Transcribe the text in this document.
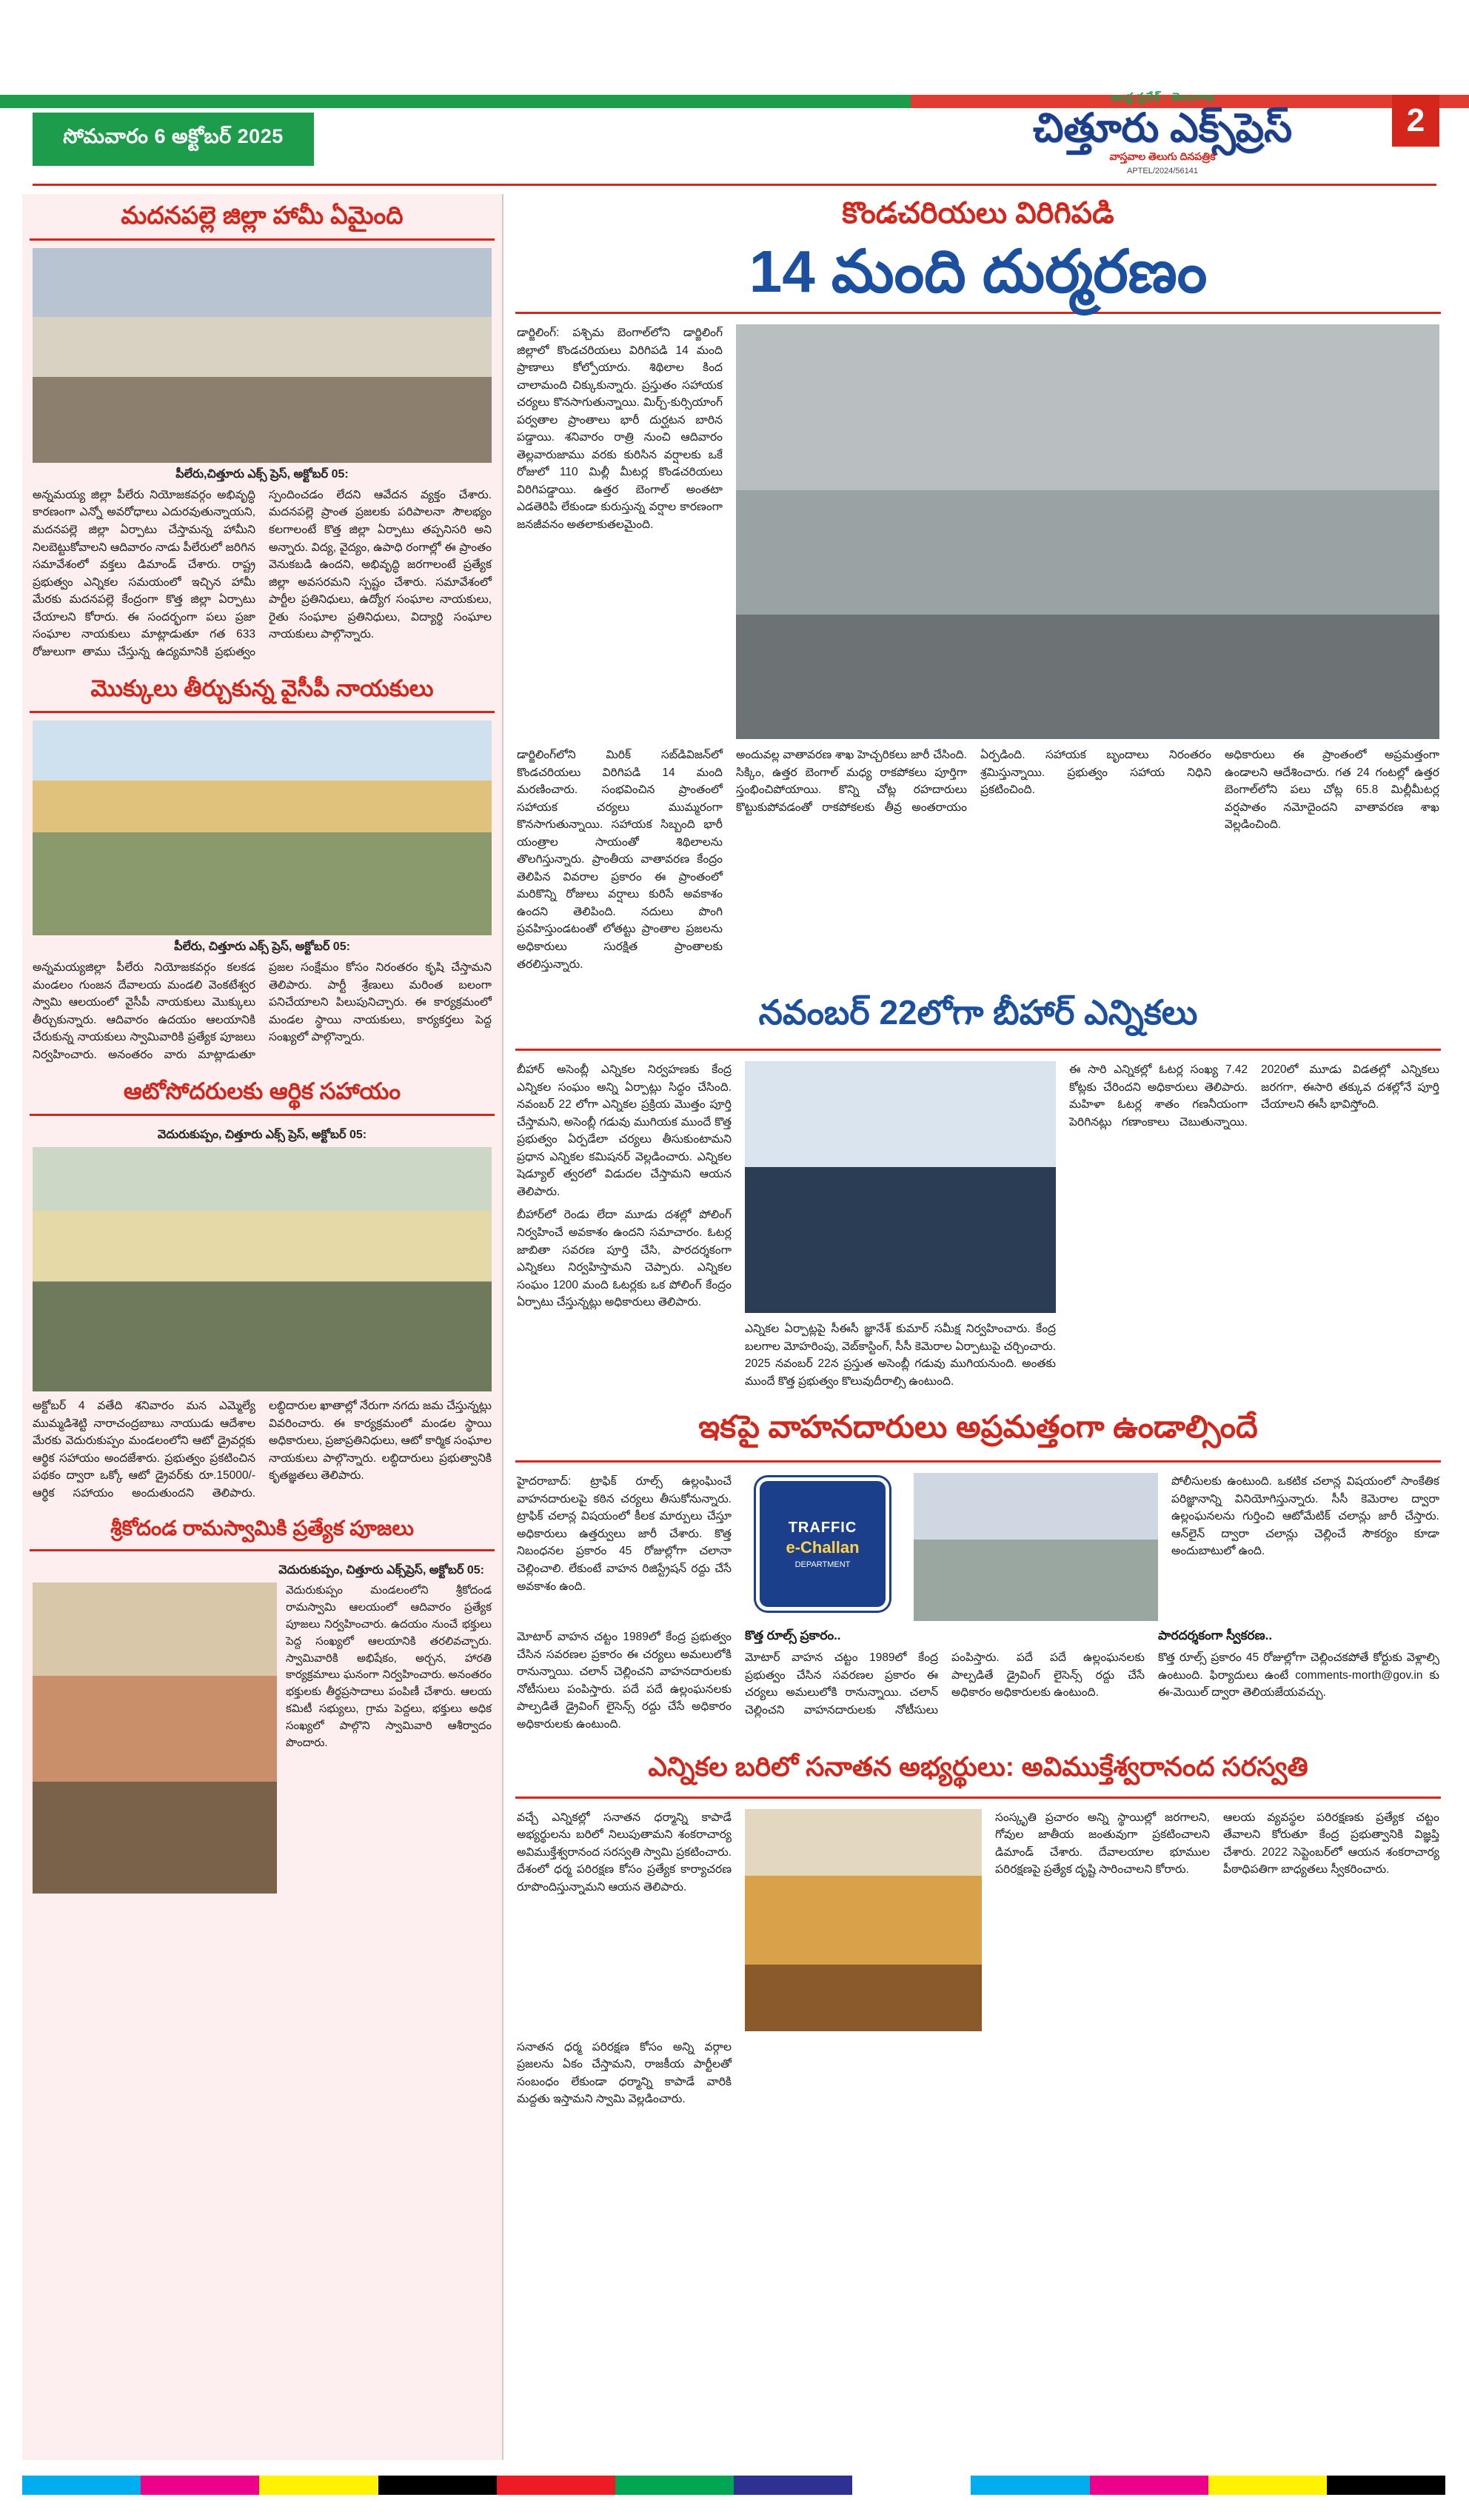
ఆంధ్ర ప్రదేశ్ - తెలంగాణ
చిత్తూరు ఎక్స్‌ప్రెస్
వాస్తవాల తెలుగు దినపత్రిక
APTEL/2024/56141
సోమవారం 6 అక్టోబర్ 2025	2
మదనపల్లె జిల్లా హామీ ఏమైంది
పీలేరు,చిత్తూరు ఎక్స్ ప్రెస్, అక్టోబర్ 05:
అన్నమయ్య జిల్లా పీలేరు నియోజకవర్గం అభివృద్ధి కారణంగా ఎన్నో అవరోధాలు ఎదురవుతున్నాయని, మదనపల్లె జిల్లా ఏర్పాటు చేస్తామన్న హామీని నిలబెట్టుకోవాలని ఆదివారం నాడు పీలేరులో జరిగిన సమావేశంలో వక్తలు డిమాండ్ చేశారు. రాష్ట్ర ప్రభుత్వం ఎన్నికల సమయంలో ఇచ్చిన హామీ మేరకు మదనపల్లె కేంద్రంగా కొత్త జిల్లా ఏర్పాటు చేయాలని కోరారు. ఈ సందర్భంగా పలు ప్రజా సంఘాల నాయకులు మాట్లాడుతూ గత 633 రోజులుగా తాము చేస్తున్న ఉద్యమానికి ప్రభుత్వం స్పందించడం లేదని ఆవేదన వ్యక్తం చేశారు. మదనపల్లె ప్రాంత ప్రజలకు పరిపాలనా సౌలభ్యం కలగాలంటే కొత్త జిల్లా ఏర్పాటు తప్పనిసరి అని అన్నారు. విద్య, వైద్యం, ఉపాధి రంగాల్లో ఈ ప్రాంతం వెనుకబడి ఉందని, అభివృద్ధి జరగాలంటే ప్రత్యేక జిల్లా అవసరమని స్పష్టం చేశారు. సమావేశంలో పార్టీల ప్రతినిధులు, ఉద్యోగ సంఘాల నాయకులు, రైతు సంఘాల ప్రతినిధులు, విద్యార్థి సంఘాల నాయకులు పాల్గొన్నారు.
మొక్కులు తీర్చుకున్న వైసీపీ నాయకులు
పీలేరు, చిత్తూరు ఎక్స్ ప్రెస్, అక్టోబర్ 05:
అన్నమయ్యజిల్లా పీలేరు నియోజకవర్గం కలకడ మండలం గుంజన దేవాలయ మండలి వెంకటేశ్వర స్వామి ఆలయంలో వైసీపీ నాయకులు మొక్కులు తీర్చుకున్నారు. ఆదివారం ఉదయం ఆలయానికి చేరుకున్న నాయకులు స్వామివారికి ప్రత్యేక పూజలు నిర్వహించారు. అనంతరం వారు మాట్లాడుతూ ప్రజల సంక్షేమం కోసం నిరంతరం కృషి చేస్తామని తెలిపారు. పార్టీ శ్రేణులు మరింత బలంగా పనిచేయాలని పిలుపునిచ్చారు. ఈ కార్యక్రమంలో మండల స్థాయి నాయకులు, కార్యకర్తలు పెద్ద సంఖ్యలో పాల్గొన్నారు.
ఆటోసోదరులకు ఆర్థిక సహాయం
వెదురుకుప్పం, చిత్తూరు ఎక్స్ ప్రెస్, అక్టోబర్ 05:
అక్టోబర్ 4 వతేది శనివారం మన ఎమ్మెల్యే ముమ్మడిశెట్టి నారాచంద్రబాబు నాయుడు ఆదేశాల మేరకు వెదురుకుప్పం మండలంలోని ఆటో డ్రైవర్లకు ఆర్థిక సహాయం అందజేశారు. ప్రభుత్వం ప్రకటించిన పథకం ద్వారా ఒక్కో ఆటో డ్రైవర్‌కు రూ.15000/- ఆర్థిక సహాయం అందుతుందని తెలిపారు. లబ్ధిదారుల ఖాతాల్లో నేరుగా నగదు జమ చేస్తున్నట్లు వివరించారు. ఈ కార్యక్రమంలో మండల స్థాయి అధికారులు, ప్రజాప్రతినిధులు, ఆటో కార్మిక సంఘాల నాయకులు పాల్గొన్నారు. లబ్ధిదారులు ప్రభుత్వానికి కృతజ్ఞతలు తెలిపారు.
శ్రీకోదండ రామస్వామికి ప్రత్యేక పూజలు
వెదురుకుప్పం, చిత్తూరు ఎక్స్‌ప్రెస్, అక్టోబర్ 05:
వెదురుకుప్పం మండలంలోని శ్రీకోదండ రామస్వామి ఆలయంలో ఆదివారం ప్రత్యేక పూజలు నిర్వహించారు. ఉదయం నుంచే భక్తులు పెద్ద సంఖ్యలో ఆలయానికి తరలివచ్చారు. స్వామివారికి అభిషేకం, అర్చన, హారతి కార్యక్రమాలు ఘనంగా నిర్వహించారు. అనంతరం భక్తులకు తీర్థప్రసాదాలు పంపిణీ చేశారు. ఆలయ కమిటీ సభ్యులు, గ్రామ పెద్దలు, భక్తులు అధిక సంఖ్యలో పాల్గొని స్వామివారి ఆశీర్వాదం పొందారు.
కొండచరియలు విరిగిపడి
14 మంది దుర్మరణం
డార్జిలింగ్: పశ్చిమ బెంగాల్‌లోని డార్జిలింగ్ జిల్లాలో కొండచరియలు విరిగిపడి 14 మంది ప్రాణాలు కోల్పోయారు. శిథిలాల కింద చాలామంది చిక్కుకున్నారు. ప్రస్తుతం సహాయక చర్యలు కొనసాగుతున్నాయి. మిర్చ్-కుర్సియాంగ్ పర్వతాల ప్రాంతాలు భారీ దుర్ఘటన బారిన పడ్డాయి. శనివారం రాత్రి నుంచి ఆదివారం తెల్లవారుజాము వరకు కురిసిన వర్షాలకు ఒకే రోజులో 110 మిల్లీ మీటర్ల కొండచరియలు విరిగిపడ్డాయి. ఉత్తర బెంగాల్ అంతటా ఎడతెరిపి లేకుండా కురుస్తున్న వర్షాల కారణంగా జనజీవనం అతలాకుతలమైంది.
డార్జిలింగ్‌లోని మిరిక్ సబ్‌డివిజన్‌లో కొండచరియలు విరిగిపడి 14 మంది మరణించారు. సంభవించిన ప్రాంతంలో సహాయక చర్యలు ముమ్మరంగా కొనసాగుతున్నాయి. సహాయక సిబ్బంది భారీ యంత్రాల సాయంతో శిథిలాలను తొలగిస్తున్నారు. ప్రాంతీయ వాతావరణ కేంద్రం తెలిపిన వివరాల ప్రకారం ఈ ప్రాంతంలో మరికొన్ని రోజులు వర్షాలు కురిసే అవకాశం ఉందని తెలిపింది. నదులు పొంగి ప్రవహిస్తుండటంతో లోతట్టు ప్రాంతాల ప్రజలను అధికారులు సురక్షిత ప్రాంతాలకు తరలిస్తున్నారు.
అందువల్ల వాతావరణ శాఖ హెచ్చరికలు జారీ చేసింది. సిక్కిం, ఉత్తర బెంగాల్ మధ్య రాకపోకలు పూర్తిగా స్తంభించిపోయాయి. కొన్ని చోట్ల రహదారులు కొట్టుకుపోవడంతో రాకపోకలకు తీవ్ర అంతరాయం ఏర్పడింది. సహాయక బృందాలు నిరంతరం శ్రమిస్తున్నాయి. ప్రభుత్వం సహాయ నిధిని ప్రకటించింది.
అధికారులు ఈ ప్రాంతంలో అప్రమత్తంగా ఉండాలని ఆదేశించారు. గత 24 గంటల్లో ఉత్తర బెంగాల్‌లోని పలు చోట్ల 65.8 మిల్లీమీటర్ల వర్షపాతం నమోదైందని వాతావరణ శాఖ వెల్లడించింది.
నవంబర్ 22లోగా బీహార్ ఎన్నికలు
బీహార్ అసెంబ్లీ ఎన్నికల నిర్వహణకు కేంద్ర ఎన్నికల సంఘం అన్ని ఏర్పాట్లు సిద్ధం చేసింది. నవంబర్ 22 లోగా ఎన్నికల ప్రక్రియ మొత్తం పూర్తి చేస్తామని, అసెంబ్లీ గడువు ముగియక ముందే కొత్త ప్రభుత్వం ఏర్పడేలా చర్యలు తీసుకుంటామని ప్రధాన ఎన్నికల కమిషనర్ వెల్లడించారు. ఎన్నికల షెడ్యూల్ త్వరలో విడుదల చేస్తామని ఆయన తెలిపారు.
బీహార్‌లో రెండు లేదా మూడు దశల్లో పోలింగ్ నిర్వహించే అవకాశం ఉందని సమాచారం. ఓటర్ల జాబితా సవరణ పూర్తి చేసి, పారదర్శకంగా ఎన్నికలు నిర్వహిస్తామని చెప్పారు. ఎన్నికల సంఘం 1200 మంది ఓటర్లకు ఒక పోలింగ్ కేంద్రం ఏర్పాటు చేస్తున్నట్లు అధికారులు తెలిపారు.
ఎన్నికల ఏర్పాట్లపై సీఈసీ జ్ఞానేశ్ కుమార్ సమీక్ష నిర్వహించారు. కేంద్ర బలగాల మోహరింపు, వెబ్‌కాస్టింగ్, సీసీ కెమెరాల ఏర్పాటుపై చర్చించారు. 2025 నవంబర్ 22న ప్రస్తుత అసెంబ్లీ గడువు ముగియనుంది. అంతకు ముందే కొత్త ప్రభుత్వం కొలువుదీరాల్సి ఉంటుంది.
ఈ సారి ఎన్నికల్లో ఓటర్ల సంఖ్య 7.42 కోట్లకు చేరిందని అధికారులు తెలిపారు. మహిళా ఓటర్ల శాతం గణనీయంగా పెరిగినట్లు గణాంకాలు చెబుతున్నాయి. 2020లో మూడు విడతల్లో ఎన్నికలు జరగగా, ఈసారి తక్కువ దశల్లోనే పూర్తి చేయాలని ఈసీ భావిస్తోంది.
ఇకపై వాహనదారులు అప్రమత్తంగా ఉండాల్సిందే
హైదరాబాద్: ట్రాఫిక్ రూల్స్ ఉల్లంఘించే వాహనదారులపై కఠిన చర్యలు తీసుకోనున్నారు. ట్రాఫిక్ చలాన్ల విషయంలో కీలక మార్పులు చేస్తూ అధికారులు ఉత్తర్వులు జారీ చేశారు. కొత్త నిబంధనల ప్రకారం 45 రోజుల్లోగా చలానా చెల్లించాలి. లేకుంటే వాహన రిజిస్ట్రేషన్ రద్దు చేసే అవకాశం ఉంది.
TRAFFIC
e-Challan
DEPARTMENT
పోలీసులకు ఉంటుంది. ఒకటిక చలాన్ల విషయంలో సాంకేతిక పరిజ్ఞానాన్ని వినియోగిస్తున్నారు. సీసీ కెమెరాల ద్వారా ఉల్లంఘనలను గుర్తించి ఆటోమేటిక్ చలాన్లు జారీ చేస్తారు. ఆన్‌లైన్ ద్వారా చలాన్లు చెల్లించే సౌకర్యం కూడా అందుబాటులో ఉంది.
మోటార్ వాహన చట్టం 1989లో కేంద్ర ప్రభుత్వం చేసిన సవరణల ప్రకారం ఈ చర్యలు అమలులోకి రానున్నాయి. చలాన్ చెల్లించని వాహనదారులకు నోటీసులు పంపిస్తారు. పదే పదే ఉల్లంఘనలకు పాల్పడితే డ్రైవింగ్ లైసెన్స్ రద్దు చేసే అధికారం అధికారులకు ఉంటుంది.
కొత్త రూల్స్ ప్రకారం..
మోటార్ వాహన చట్టం 1989లో కేంద్ర ప్రభుత్వం చేసిన సవరణల ప్రకారం ఈ చర్యలు అమలులోకి రానున్నాయి. చలాన్ చెల్లించని వాహనదారులకు నోటీసులు పంపిస్తారు. పదే పదే ఉల్లంఘనలకు పాల్పడితే డ్రైవింగ్ లైసెన్స్ రద్దు చేసే అధికారం అధికారులకు ఉంటుంది.
పారదర్శకంగా స్వీకరణ..
కొత్త రూల్స్ ప్రకారం 45 రోజుల్లోగా చెల్లించకపోతే కోర్టుకు వెళ్లాల్సి ఉంటుంది. ఫిర్యాదులు ఉంటే comments-morth@gov.in కు ఈ-మెయిల్ ద్వారా తెలియజేయవచ్చు.
ఎన్నికల బరిలో సనాతన అభ్యర్థులు: అవిముక్తేశ్వరానంద సరస్వతి
వచ్చే ఎన్నికల్లో సనాతన ధర్మాన్ని కాపాడే అభ్యర్థులను బరిలో నిలుపుతామని శంకరాచార్య అవిముక్తేశ్వరానంద సరస్వతి స్వామి ప్రకటించారు. దేశంలో ధర్మ పరిరక్షణ కోసం ప్రత్యేక కార్యాచరణ రూపొందిస్తున్నామని ఆయన తెలిపారు.
సంస్కృతి ప్రచారం అన్ని స్థాయిల్లో జరగాలని, గోవుల జాతీయ జంతువుగా ప్రకటించాలని డిమాండ్ చేశారు. దేవాలయాల భూముల పరిరక్షణపై ప్రత్యేక దృష్టి సారించాలని కోరారు.
ఆలయ వ్యవస్థల పరిరక్షణకు ప్రత్యేక చట్టం తేవాలని కోరుతూ కేంద్ర ప్రభుత్వానికి విజ్ఞప్తి చేశారు. 2022 సెప్టెంబర్‌లో ఆయన శంకరాచార్య పీఠాధిపతిగా బాధ్యతలు స్వీకరించారు.
సనాతన ధర్మ పరిరక్షణ కోసం అన్ని వర్గాల ప్రజలను ఏకం చేస్తామని, రాజకీయ పార్టీలతో సంబంధం లేకుండా ధర్మాన్ని కాపాడే వారికి మద్దతు ఇస్తామని స్వామి వెల్లడించారు.
